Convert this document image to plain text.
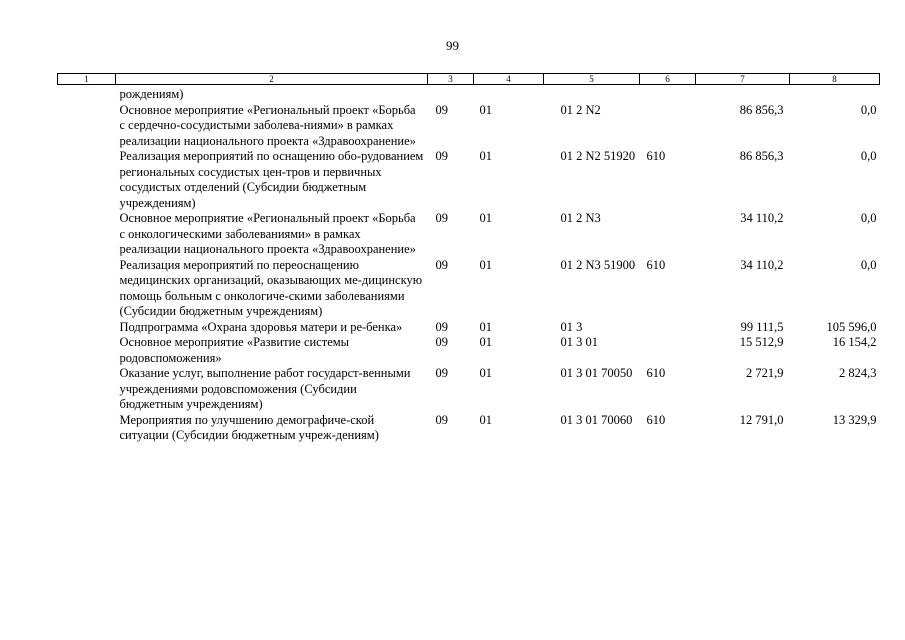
99
1	2	3	4	5	6	7	8
	рождениям)						
	Основное мероприятие «Региональный проект «Борьба с сердечно-сосудистыми заболева-ниями» в рамках реализации национального проекта «Здравоохранение»	09	01	01 2 N2		86 856,3	0,0
	Реализация мероприятий по оснащению обо-рудованием региональных сосудистых цен-тров и первичных сосудистых отделений (Субсидии бюджетным учреждениям)	09	01	01 2 N2 51920	610	86 856,3	0,0
	Основное мероприятие «Региональный проект «Борьба с онкологическими заболеваниями» в рамках реализации национального проекта «Здравоохранение»	09	01	01 2 N3		34 110,2	0,0
	Реализация мероприятий по переоснащению медицинских организаций, оказывающих ме-дицинскую помощь больным с онкологиче-скими заболеваниями (Субсидии бюджетным учреждениям)	09	01	01 2 N3 51900	610	34 110,2	0,0
	Подпрограмма «Охрана здоровья матери и ре-бенка»	09	01	01 3		99 111,5	105 596,0
	Основное мероприятие «Развитие системы родовспоможения»	09	01	01 3 01		15 512,9	16 154,2
	Оказание услуг, выполнение работ государст-венными учреждениями родовспоможения (Субсидии бюджетным учреждениям)	09	01	01 3 01 70050	610	2 721,9	2 824,3
	Мероприятия по улучшению демографиче-ской ситуации (Субсидии бюджетным учреж-дениям)	09	01	01 3 01 70060	610	12 791,0	13 329,9
